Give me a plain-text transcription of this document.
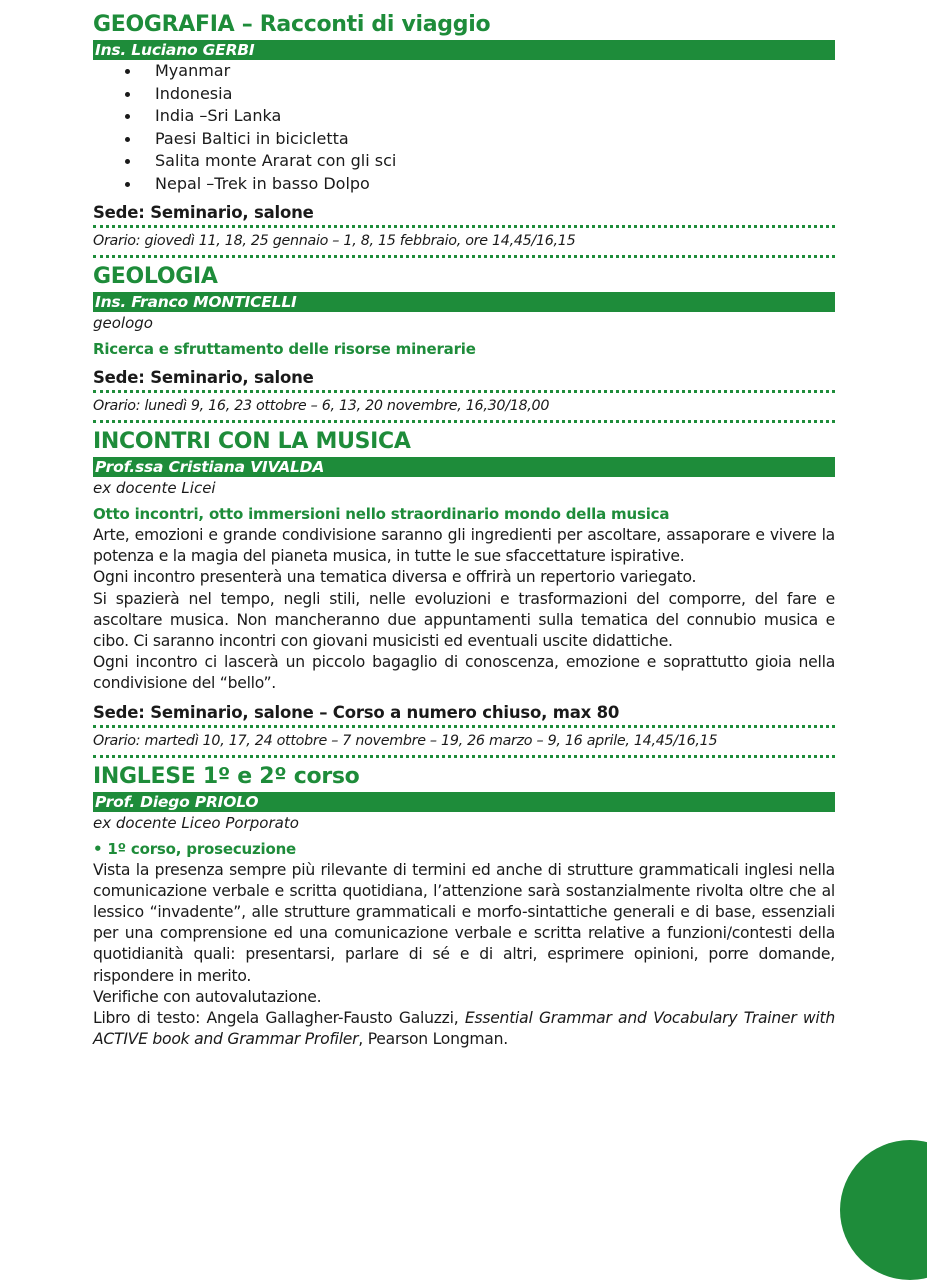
GEOGRAFIA – Racconti di viaggio
Ins. Luciano GERBI
Myanmar
Indonesia
India –Sri Lanka
Paesi Baltici in bicicletta
Salita monte Ararat con gli sci
Nepal –Trek in basso Dolpo
Sede: Seminario, salone
Orario: giovedì 11, 18, 25 gennaio – 1, 8, 15 febbraio, ore 14,45/16,15
GEOLOGIA
Ins. Franco MONTICELLI
geologo
Ricerca e sfruttamento delle risorse minerarie
Sede: Seminario, salone
Orario: lunedì 9, 16, 23 ottobre – 6, 13, 20 novembre, 16,30/18,00
INCONTRI CON LA MUSICA
Prof.ssa Cristiana VIVALDA
ex docente Licei
Otto incontri, otto immersioni nello straordinario mondo della musica

Arte, emozioni e grande condivisione saranno gli ingredienti per ascoltare, assaporare e vivere la potenza e la magia del pianeta musica, in tutte le sue sfaccettature ispirative.

Ogni incontro presenterà una tematica diversa e offrirà un repertorio variegato.

Si spazierà nel tempo, negli stili, nelle evoluzioni e trasformazioni del comporre, del fare e ascoltare musica. Non mancheranno due appuntamenti sulla tematica del connubio musica e cibo. Ci saranno incontri con giovani musicisti ed eventuali uscite didattiche.

Ogni incontro ci lascerà un piccolo bagaglio di conoscenza, emozione e soprattutto gioia nella condivisione del “bello”.

Sede: Seminario, salone – Corso a numero chiuso, max 80
Orario: martedì 10, 17, 24 ottobre – 7 novembre – 19, 26 marzo – 9, 16 aprile, 14,45/16,15
INGLESE 1º e 2º corso
Prof. Diego PRIOLO
ex docente Liceo Porporato
• 1º corso, prosecuzione

Vista la presenza sempre più rilevante di termini ed anche di strutture grammaticali inglesi nella comunicazione verbale e scritta quotidiana, l’attenzione sarà sostanzialmente rivolta oltre che al lessico “invadente”, alle strutture grammaticali e morfo-sintattiche generali e di base, essenziali per una comprensione ed una comunicazione verbale e scritta relative a funzioni/contesti della quotidianità quali: presentarsi, parlare di sé e di altri, esprimere opinioni, porre domande, rispondere in merito.

Verifiche con autovalutazione.

Libro di testo: Angela Gallagher-Fausto Galuzzi, Essential Grammar and Vocabulary Trainer with ACTIVE book and Grammar Profiler, Pearson Longman.
